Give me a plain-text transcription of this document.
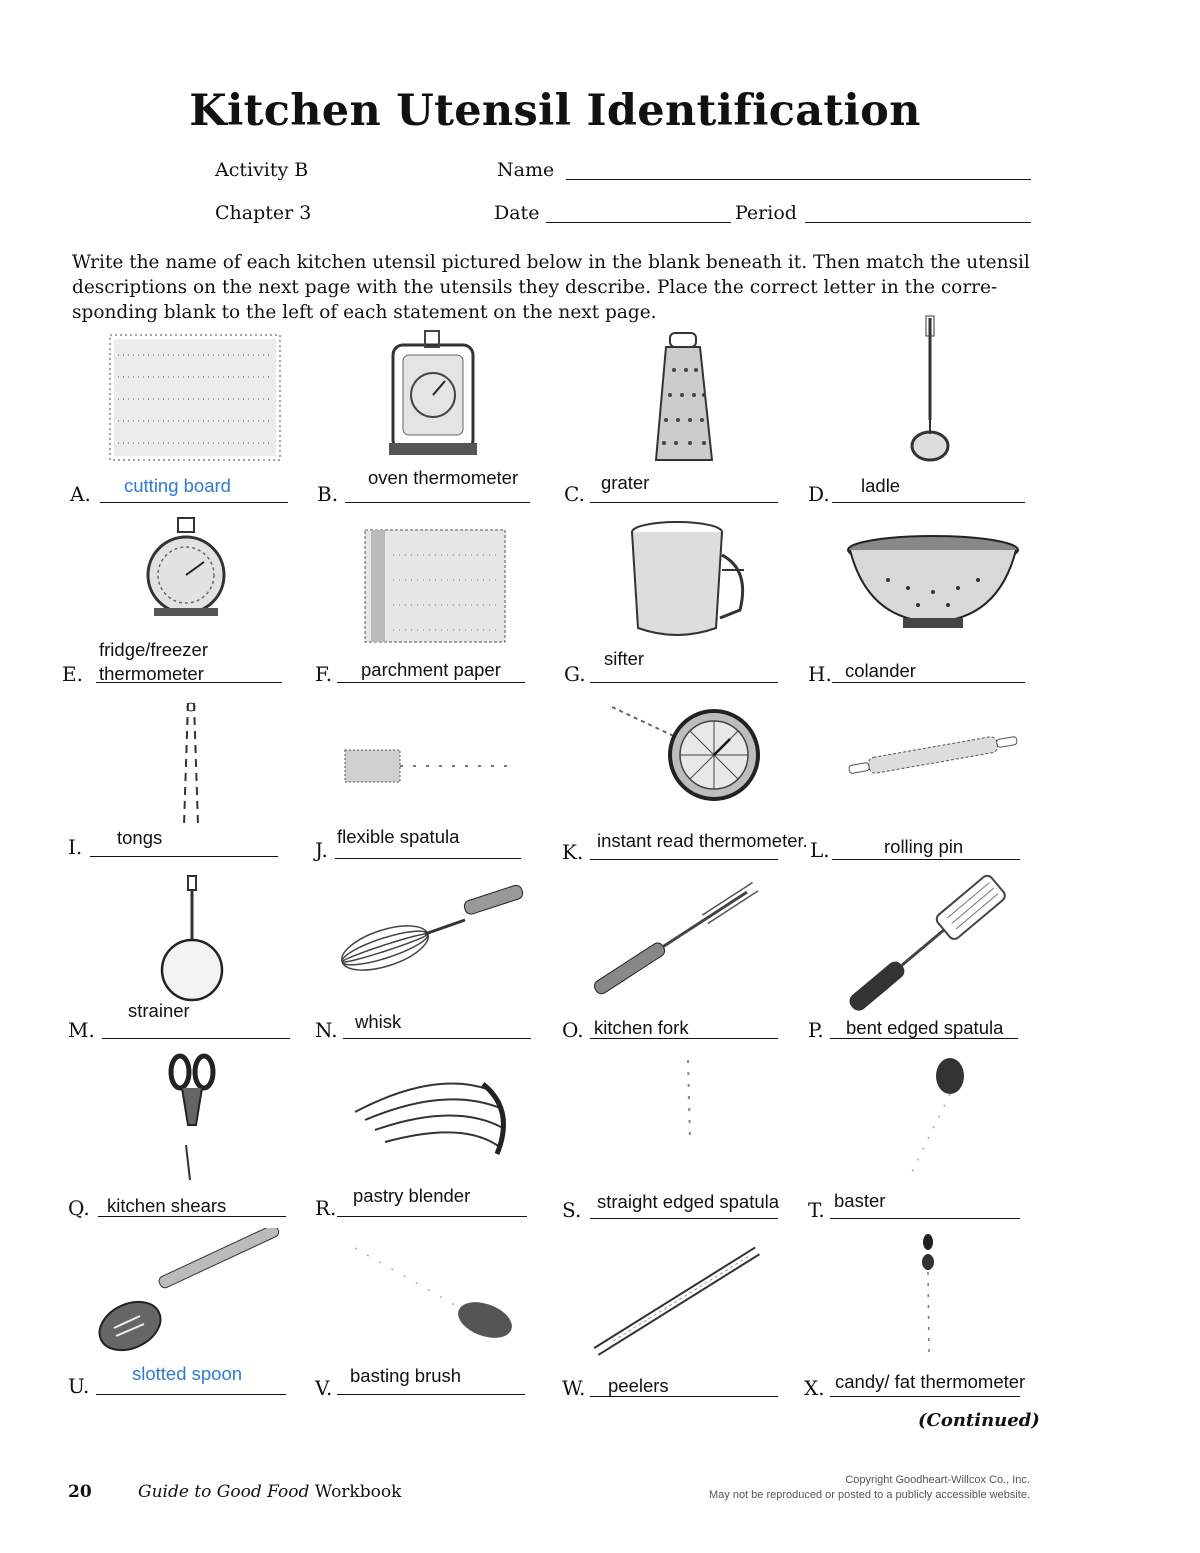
Kitchen Utensil Identification
Activity B
Chapter 3
Name
Date	Period
Write the name of each kitchen utensil pictured below in the blank beneath it. Then match the utensil descriptions on the next page with the utensils they describe. Place the correct letter in the corre-sponding blank to the left of each statement on the next page.
A. cutting board	B.
oven thermometer
C. grater	D. ladle
E.
fridge/freezer thermometer	F. parchment paper	G.
sifter
H. colander
I. tongs
J.
flexible spatula
K. instant read thermometer. L.	rolling pin
M.
strainer
N. whisk	O. kitchen fork	P. bent edged spatula
Q. kitchen shears	R.
pastry blender
S. straight edged spatula T. baster
U.
slotted spoon
V.
basting brush
W. peelers	X. candy/ fat thermometer
(Continued)
20	Guide to Good Food Workbook
Copyright Goodheart-Willcox Co., Inc.
May not be reproduced or posted to a publicly accessible website.
